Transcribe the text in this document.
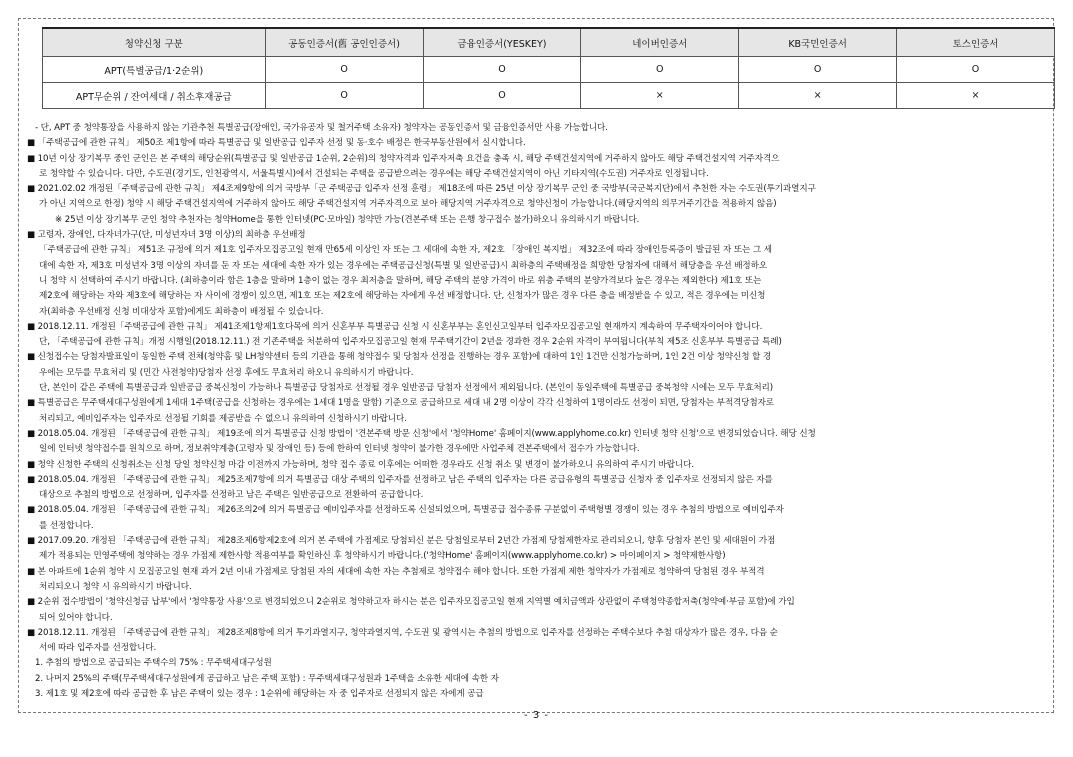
청약신청 구분	공동인증서(舊 공인인증서)	금융인증서(YESKEY)	네이버인증서	KB국민인증서	토스인증서
APT(특별공급/1·2순위)	O	O	O	O	O
APT무순위 / 잔여세대 / 취소후재공급	O	O	×	×	×

- 단, APT 중 청약통장을 사용하지 않는 기관추천 특별공급(장애인, 국가유공자 및 철거주택 소유자) 청약자는 공동인증서 및 금융인증서만 사용 가능합니다.

■ 「주택공급에 관한 규칙」 제50조 제1항에 따라 특별공급 및 일반공급 입주자 선정 및 동·호수 배정은 한국부동산원에서 실시합니다.

■ 10년 이상 장기복무 중인 군인은 본 주택의 해당순위(특별공급 및 일반공급 1순위, 2순위)의 청약자격과 입주자저축 요건을 충족 시, 해당 주택건설지역에 거주하지 않아도 해당 주택건설지역 거주자격으

로 청약할 수 있습니다. 다만, 수도권(경기도, 인천광역시, 서울특별시)에서 건설되는 주택을 공급받으려는 경우에는 해당 주택건설지역이 아닌 기타지역(수도권) 거주자로 인정됩니다.

■ 2021.02.02 개정된「주택공급에 관한 규칙」 제4조제9항에 의거 국방부「군 주택공급 입주자 선정 훈령」 제18조에 따른 25년 이상 장기복무 군인 중 국방부(국군복지단)에서 추천한 자는 수도권(투기과열지구

가 아닌 지역으로 한정) 청약 시 해당 주택건설지역에 거주하지 않아도 해당 주택건설지역 거주자격으로 보아 해당지역 거주자격으로 청약신청이 가능합니다.(해당지역의 의무거주기간을 적용하지 않음)

※ 25년 이상 장기복무 군인 청약 추천자는 청약Home을 통한 인터넷(PC·모바일) 청약만 가능(견본주택 또는 은행 창구접수 불가)하오니 유의하시기 바랍니다.

■ 고령자, 장애인, 다자녀가구(단, 미성년자녀 3명 이상)의 최하층 우선배정

「주택공급에 관한 규칙」 제51조 규정에 의거 제1호 입주자모집공고일 현재 만65세 이상인 자 또는 그 세대에 속한 자, 제2호 「장애인 복지법」 제32조에 따라 장애인등록증이 발급된 자 또는 그 세

대에 속한 자, 제3호 미성년자 3명 이상의 자녀를 둔 자 또는 세대에 속한 자가 있는 경우에는 주택공급신청(특별 및 일반공급)시 최하층의 주택배정을 희망한 당첨자에 대해서 해당층을 우선 배정하오

니 청약 시 선택하여 주시기 바랍니다. (최하층이라 함은 1층을 말하며 1층이 없는 경우 최저층을 말하며, 해당 주택의 분양 가격이 바로 위층 주택의 분양가격보다 높은 경우는 제외한다) 제1호 또는

제2호에 해당하는 자와 제3호에 해당하는 자 사이에 경쟁이 있으면, 제1호 또는 제2호에 해당하는 자에게 우선 배정합니다. 단, 신청자가 많은 경우 다른 층을 배정받을 수 있고, 적은 경우에는 미신청

자(최하층 우선배정 신청 비대상자 포함)에게도 최하층이 배정될 수 있습니다.

■ 2018.12.11. 개정된「주택공급에 관한 규칙」 제41조제1항제1호다목에 의거 신혼부부 특별공급 신청 시 신혼부부는 혼인신고일부터 입주자모집공고일 현재까지 계속하여 무주택자이어야 합니다.

단, 「주택공급에 관한 규칙」개정 시행일(2018.12.11.) 전 기존주택을 처분하여 입주자모집공고일 현재 무주택기간이 2년을 경과한 경우 2순위 자격이 부여됩니다(부칙 제5조 신혼부부 특별공급 특례)

■ 신청접수는 당첨자발표일이 동일한 주택 전체(청약홈 및 LH청약센터 등의 기관을 통해 청약접수 및 당첨자 선정을 진행하는 경우 포함)에 대하여 1인 1건만 신청가능하며, 1인 2건 이상 청약신청 할 경

우에는 모두를 무효처리 및 (민간 사전청약)당첨자 선정 후에도 무효처리 하오니 유의하시기 바랍니다.

단, 본인이 같은 주택에 특별공급과 일반공급 중복신청이 가능하나 특별공급 당첨자로 선정될 경우 일반공급 당첨자 선정에서 제외됩니다. (본인이 동일주택에 특별공급 중복청약 시에는 모두 무효처리)

■ 특별공급은 무주택세대구성원에게 1세대 1주택(공급을 신청하는 경우에는 1세대 1명을 말함) 기준으로 공급하므로 세대 내 2명 이상이 각각 신청하여 1명이라도 선정이 되면, 당첨자는 부적격당첨자로

처리되고, 예비입주자는 입주자로 선정될 기회를 제공받을 수 없으니 유의하여 신청하시기 바랍니다.

■ 2018.05.04. 개정된 「주택공급에 관한 규칙」 제19조에 의거 특별공급 신청 방법이 '견본주택 방문 신청'에서 '청약Home' 홈페이지(www.applyhome.co.kr) 인터넷 청약 신청'으로 변경되었습니다. 해당 신청

일에 인터넷 청약접수를 원칙으로 하며, 정보취약계층(고령자 및 장애인 등) 등에 한하여 인터넷 청약이 불가한 경우에만 사업주체 견본주택에서 접수가 가능합니다.

■ 청약 신청한 주택의 신청취소는 신청 당일 청약신청 마감 이전까지 가능하며, 청약 접수 종료 이후에는 어떠한 경우라도 신청 취소 및 변경이 불가하오니 유의하여 주시기 바랍니다.

■ 2018.05.04. 개정된 「주택공급에 관한 규칙」 제25조제7항에 의거 특별공급 대상 주택의 입주자를 선정하고 남은 주택의 입주자는 다른 공급유형의 특별공급 신청자 중 입주자로 선정되지 않은 자를

대상으로 추첨의 방법으로 선정하며, 입주자를 선정하고 남은 주택은 일반공급으로 전환하여 공급합니다.

■ 2018.05.04. 개정된 「주택공급에 관한 규칙」 제26조의2에 의거 특별공급 예비입주자를 선정하도록 신설되었으며, 특별공급 접수종류 구분없이 주택형별 경쟁이 있는 경우 추첨의 방법으로 예비입주자

를 선정합니다.

■ 2017.09.20. 개정된 「주택공급에 관한 규칙」 제28조제6항제2호에 의거 본 주택에 가점제로 당첨되신 분은 당첨일로부터 2년간 가점제 당첨제한자로 관리되오니, 향후 당첨자 본인 및 세대원이 가점

제가 적용되는 민영주택에 청약하는 경우 가점제 제한사항 적용여부를 확인하신 후 청약하시기 바랍니다.('청약Home' 홈페이지(www.applyhome.co.kr) > 마이페이지 > 청약제한사항)

■ 본 아파트에 1순위 청약 시 모집공고일 현재 과거 2년 이내 가점제로 당첨된 자의 세대에 속한 자는 추첨제로 청약접수 해야 합니다. 또한 가점제 제한 청약자가 가점제로 청약하여 당첨된 경우 부적격

처리되오니 청약 시 유의하시기 바랍니다.

■ 2순위 접수방법이 '청약신청금 납부'에서 '청약통장 사용'으로 변경되었으니 2순위로 청약하고자 하시는 분은 입주자모집공고일 현재 지역별 예치금액과 상관없이 주택청약종합저축(청약예·부금 포함)에 가입

되어 있어야 합니다.

■ 2018.12.11. 개정된 「주택공급에 관한 규칙」 제28조제8항에 의거 투기과열지구, 청약과열지역, 수도권 및 광역시는 추첨의 방법으로 입주자를 선정하는 주택수보다 추첨 대상자가 많은 경우, 다음 순

서에 따라 입주자를 선정합니다.

1. 추첨의 방법으로 공급되는 주택수의 75% : 무주택세대구성원

2. 나머지 25%의 주택(무주택세대구성원에게 공급하고 남은 주택 포함) : 무주택세대구성원과 1주택을 소유한 세대에 속한 자

3. 제1호 및 제2호에 따라 공급한 후 남은 주택이 있는 경우 : 1순위에 해당하는 자 중 입주자로 선정되지 않은 자에게 공급

- 3 -
